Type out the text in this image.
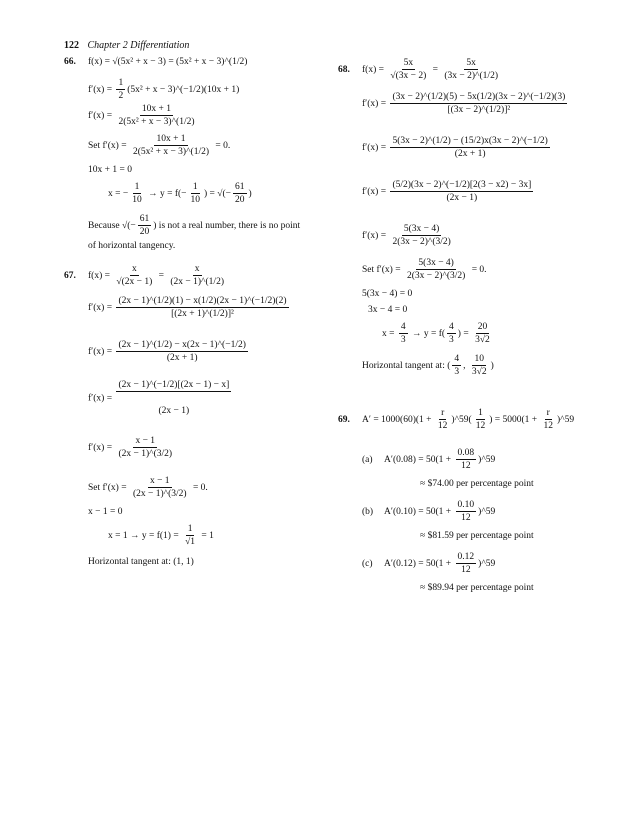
122 Chapter 2 Differentiation
66. f(x) = √(5x² + x − 3) = (5x² + x − 3)^(1/2)
$f'(x) = \frac{1}{2} (5x^2 + x$ − 3)^(−1/2)(10x + 1)
$f'(x) = \frac{10x + 1}{\text{2(5x² + x − 3)\textasciicircum{}(1/2)}}$
Set $f'(x) = \frac{10x + 1}{\text{2(5x² + x − 3)\textasciicircum{}(1/2)}} = 0$.
10x + 1 = 0
x = − $\frac{1}{10} \to y = f(- \frac{1}{10}$ ) = √(− $\frac{61}{20}$ )
Because √(− $\frac{61}{20}$ ) is not a real number, there is no point
of horizontal tangency.
67. $f(x) = \frac{x}{√(2x - 1)} = \frac{x}{(2x - 1)\^{}(1/2)}$
$f'(x) = \frac{(2x - 1)\^{}(1/2)(1) - x(1/2)(2x - 1)\^{}(-1/2)(2)}{\text{[(2x + 1)\textasciicircum{}(1/2)]²}}$
$f'(x) = \frac{(2x - 1)\^{}(1/2) - x(2x - 1)\^{}(-1/2)}{(2x + 1)}$
$f'(x) = \frac{(2x - 1)\^{}(-1/2)[(2x - 1) - x]}{(2x - 1)}$
$f'(x) = \frac{x - 1}{(2x - 1)\^{}(3/2)}$
Set $f'(x) = \frac{x - 1}{(2x - 1)\^{}(3/2)} = 0$.
x − 1 = 0
$x = 1 \to y = f(1) = \frac{1}{√1} = 1$
Horizontal tangent at: (1, 1)
68. $f(x) = \frac{5x}{√(3x - 2)} = \frac{5x}{(3x - 2)\^{}(1/2)}$
$f'(x) = \frac{(3x - 2)\^{}(1/2)(5) - 5x(1/2)(3x - 2)\^{}(-1/2)(3)}{\text{[(3x − 2)\textasciicircum{}(1/2)]²}}$
$f'(x) = \frac{5(3x - 2)\^{}(1/2) - (15/2)x(3x - 2)\^{}(-1/2)}{(2x + 1)}$
$f'(x) = \frac{(5/2)(3x - 2)\^{}(-1/2)[2(3 - x2) - 3x]}{(2x - 1)}$
$f'(x) = \frac{5(3x - 4)}{2(3x - 2)\^{}(3/2)}$
Set $f'(x) = \frac{5(3x - 4)}{2(3x - 2)\^{}(3/2)} = 0$.
5(3x − 4) = 0
3x − 4 = 0
$x = \frac{4}{3} \to y = f( \frac{4}{3}$ ) = $\frac{20}{3√2}$
Horizontal tangent at: ( $\frac{4}{3}$ , $\frac{10}{3√2}$ )
69. $A' = 1000(60)(1 + \frac{r}{12}$ )^59( $\frac{1}{12}$ ) = $5000(1 + \frac{r}{12}$ )^59
(a) $A'(0.08) = 50(1 + \frac{0.08}{12}$ )^59
≈ $74.00 per percentage point
(b) $A'(0.10) = 50(1 + \frac{0.10}{12}$ )^59
≈ $81.59 per percentage point
(c) $A'(0.12) = 50(1 + \frac{0.12}{12}$ )^59
≈ $89.94 per percentage point
